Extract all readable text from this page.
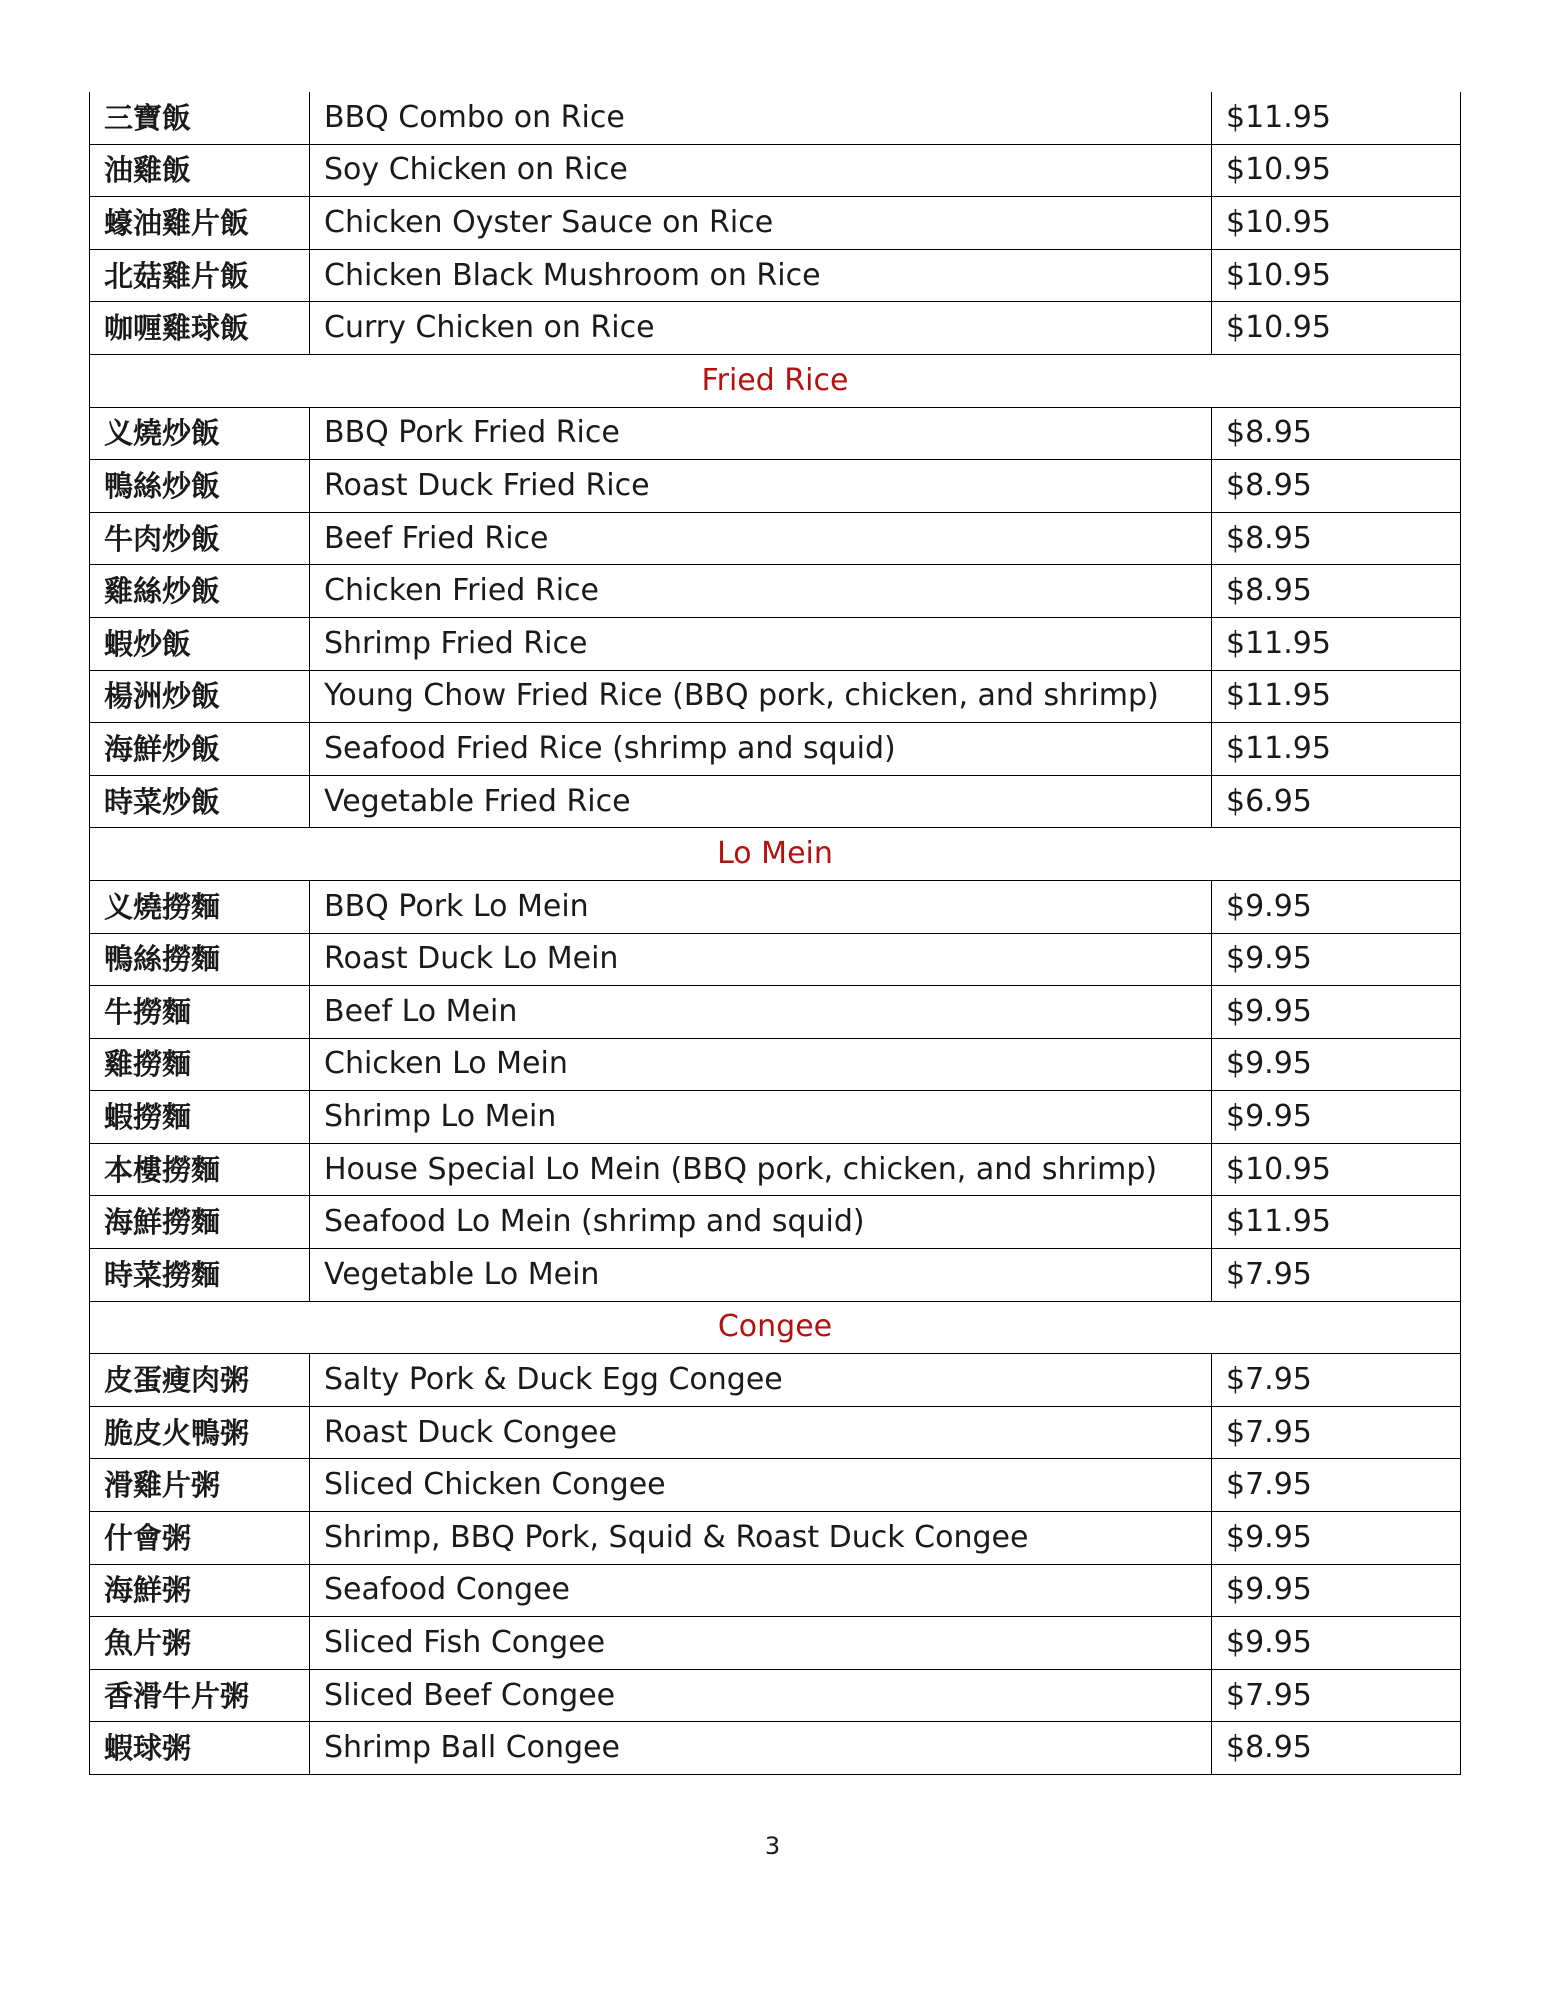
三寶飯	BBQ Combo on Rice	$11.95
油雞飯	Soy Chicken on Rice	$10.95
蠔油雞片飯	Chicken Oyster Sauce on Rice	$10.95
北菇雞片飯	Chicken Black Mushroom on Rice	$10.95
咖喱雞球飯	Curry Chicken on Rice	$10.95
Fried Rice		
义燒炒飯	BBQ Pork Fried Rice	$8.95
鴨絲炒飯	Roast Duck Fried Rice	$8.95
牛肉炒飯	Beef Fried Rice	$8.95
雞絲炒飯	Chicken Fried Rice	$8.95
蝦炒飯	Shrimp Fried Rice	$11.95
楊洲炒飯	Young Chow Fried Rice (BBQ pork, chicken, and shrimp)	$11.95
海鮮炒飯	Seafood Fried Rice (shrimp and squid)	$11.95
時菜炒飯	Vegetable Fried Rice	$6.95
Lo Mein		
义燒撈麵	BBQ Pork Lo Mein	$9.95
鴨絲撈麵	Roast Duck Lo Mein	$9.95
牛撈麵	Beef Lo Mein	$9.95
雞撈麵	Chicken Lo Mein	$9.95
蝦撈麵	Shrimp Lo Mein	$9.95
本樓撈麵	House Special Lo Mein (BBQ pork, chicken, and shrimp)	$10.95
海鮮撈麵	Seafood Lo Mein (shrimp and squid)	$11.95
時菜撈麵	Vegetable Lo Mein	$7.95
Congee		
皮蛋瘦肉粥	Salty Pork & Duck Egg Congee	$7.95
脆皮火鴨粥	Roast Duck Congee	$7.95
滑雞片粥	Sliced Chicken Congee	$7.95
什會粥	Shrimp, BBQ Pork, Squid & Roast Duck Congee	$9.95
海鮮粥	Seafood Congee	$9.95
魚片粥	Sliced Fish Congee	$9.95
香滑牛片粥	Sliced Beef Congee	$7.95
蝦球粥	Shrimp Ball Congee	$8.95
3
